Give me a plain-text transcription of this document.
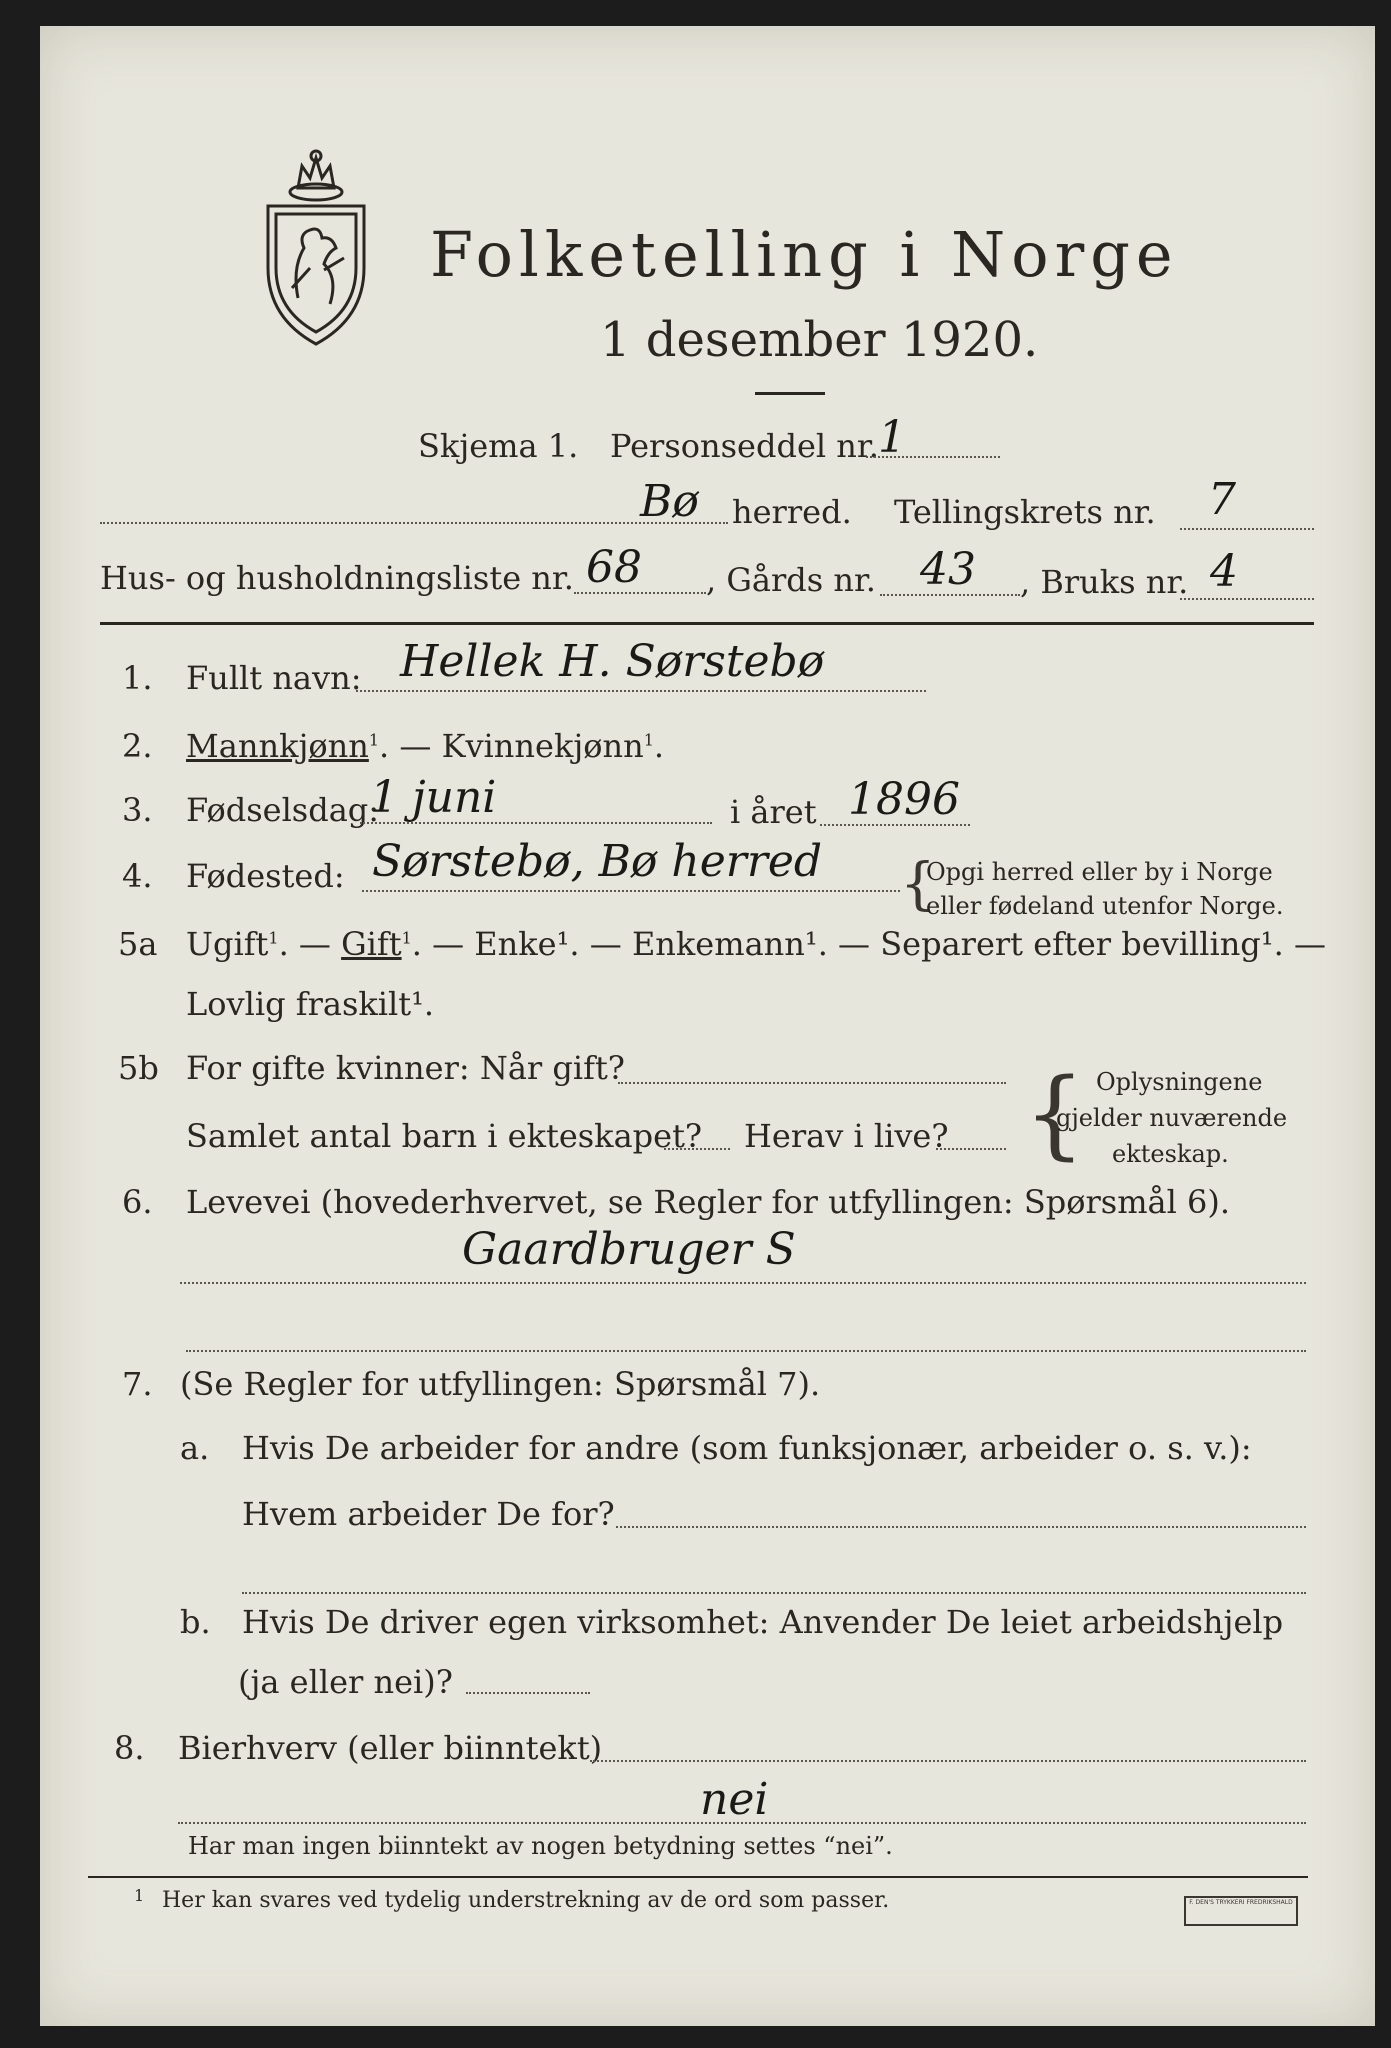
Folketelling i Norge
1 desember 1920.
Skjema 1. Personseddel nr. 1
Bø herred. Tellingskrets nr. 7
Hus- og husholdningsliste nr. 68 , Gårds nr. 43 , Bruks nr. 4
1. Fullt navn: Hellek H. Sørstebø
2. Mannkjønn$^1$. — Kvinnekjønn$^1$.
3. Fødselsdag:
1 juni	i året 1896
4. Fødested: Sørstebø, Bø herred {
Opgi herred eller by i Norge
eller fødeland utenfor Norge.
5a Ugift$^1$. — Gift$^1$. — Enke¹. — Enkemann¹. — Separert efter bevilling¹. —
Lovlig fraskilt¹.
5b For gifte kvinner: Når gift?
Samlet antal barn i ekteskapet? Herav i live? { Oplysningene
gjelder nuværende
ekteskap.
6. Levevei (hovederhvervet, se Regler for utfyllingen: Spørsmål 6).
Gaardbruger S
7. (Se Regler for utfyllingen: Spørsmål 7).
a. Hvis De arbeider for andre (som funksjonær, arbeider o. s. v.):
Hvem arbeider De for?
b. Hvis De driver egen virksomhet: Anvender De leiet arbeidshjelp
(ja eller nei)?
8. Bierhverv (eller biinntekt)
nei
Har man ingen biinntekt av nogen betydning settes “nei”.
1 Her kan svares ved tydelig understrekning av de ord som passer.	F. DEN'S TRYKKERI FREDRIKSHALD
